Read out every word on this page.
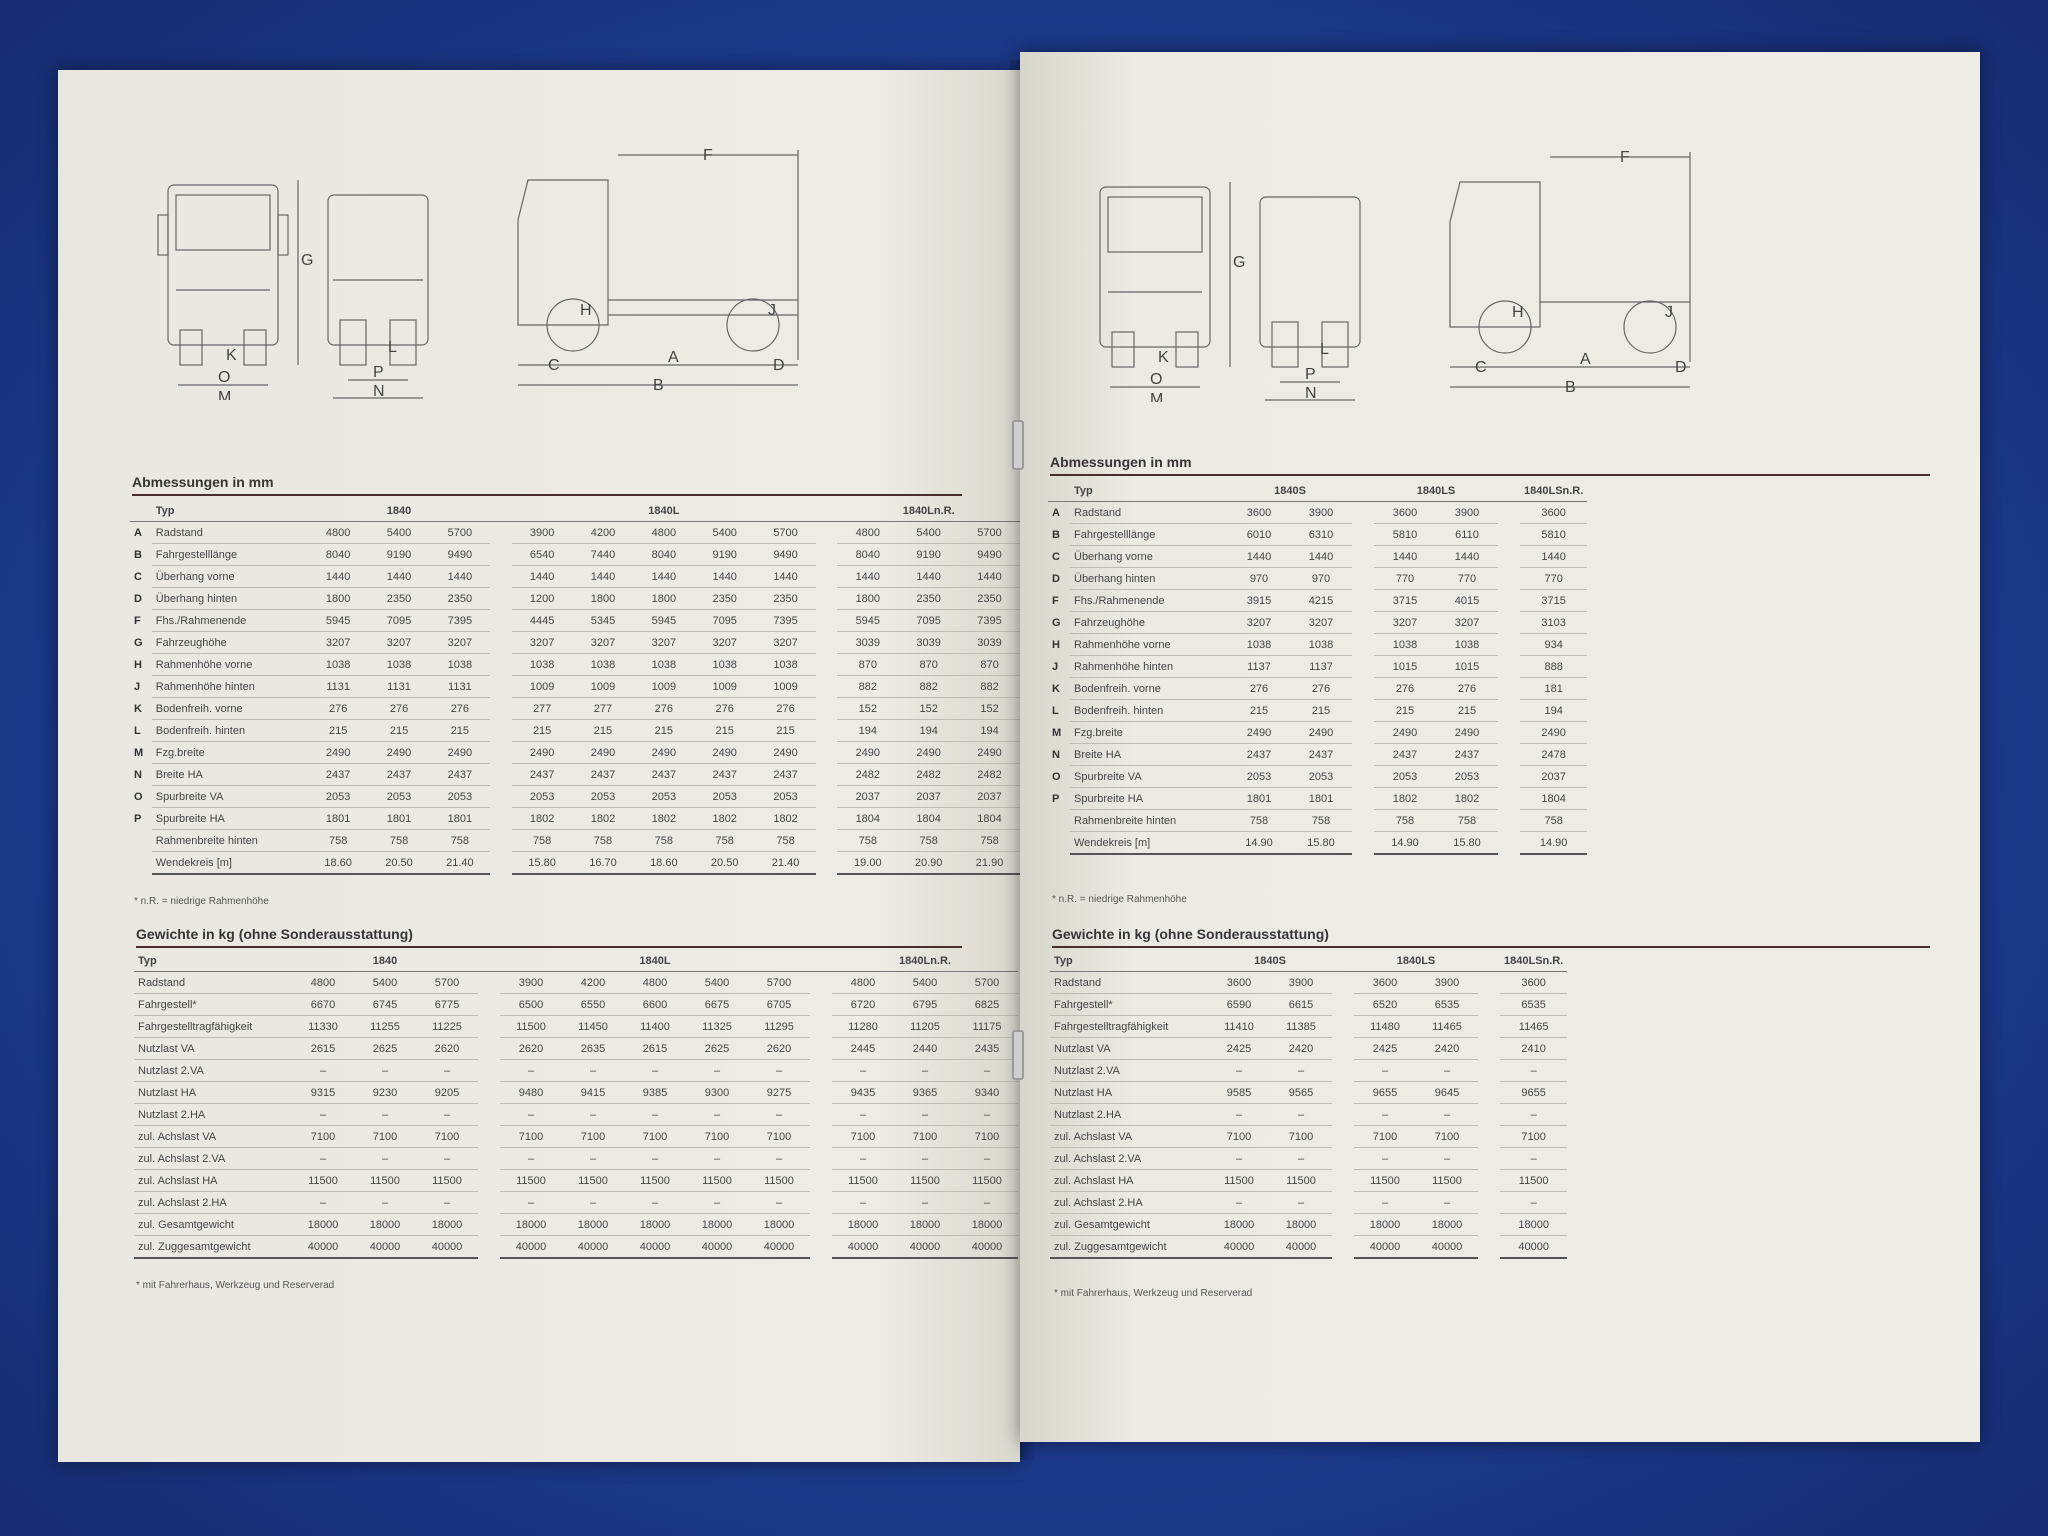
G
K
O
M
L
P
N
F
H	J
C	A	D
B
Abmessungen in mm
	Typ	1840				1840L						1840Ln.R.		
A	Radstand	4800	5400	5700		3900	4200	4800	5400	5700		4800	5400	5700
B	Fahrgestelllänge	8040	9190	9490		6540	7440	8040	9190	9490		8040	9190	9490
C	Überhang vorne	1440	1440	1440		1440	1440	1440	1440	1440		1440	1440	1440
D	Überhang hinten	1800	2350	2350		1200	1800	1800	2350	2350		1800	2350	2350
F	Fhs./Rahmenende	5945	7095	7395		4445	5345	5945	7095	7395		5945	7095	7395
G	Fahrzeughöhe	3207	3207	3207		3207	3207	3207	3207	3207		3039	3039	3039
H	Rahmenhöhe vorne	1038	1038	1038		1038	1038	1038	1038	1038		870	870	870
J	Rahmenhöhe hinten	1131	1131	1131		1009	1009	1009	1009	1009		882	882	882
K	Bodenfreih. vorne	276	276	276		277	277	276	276	276		152	152	152
L	Bodenfreih. hinten	215	215	215		215	215	215	215	215		194	194	194
M	Fzg.breite	2490	2490	2490		2490	2490	2490	2490	2490		2490	2490	2490
N	Breite HA	2437	2437	2437		2437	2437	2437	2437	2437		2482	2482	2482
O	Spurbreite VA	2053	2053	2053		2053	2053	2053	2053	2053		2037	2037	2037
P	Spurbreite HA	1801	1801	1801		1802	1802	1802	1802	1802		1804	1804	1804
	Rahmenbreite hinten	758	758	758		758	758	758	758	758		758	758	758
	Wendekreis [m]	18.60	20.50	21.40		15.80	16.70	18.60	20.50	21.40		19.00	20.90	21.90
* n.R. = niedrige Rahmenhöhe
Gewichte in kg (ohne Sonderausstattung)
Typ	1840				1840L						1840Ln.R.		
Radstand	4800	5400	5700		3900	4200	4800	5400	5700		4800	5400	5700
Fahrgestell*	6670	6745	6775		6500	6550	6600	6675	6705		6720	6795	6825
Fahrgestelltragfähigkeit	11330	11255	11225		11500	11450	11400	11325	11295		11280	11205	11175
Nutzlast VA	2615	2625	2620		2620	2635	2615	2625	2620		2445	2440	2435
Nutzlast 2.VA	–	–	–		–	–	–	–	–		–	–	–
Nutzlast HA	9315	9230	9205		9480	9415	9385	9300	9275		9435	9365	9340
Nutzlast 2.HA	–	–	–		–	–	–	–	–		–	–	–
zul. Achslast VA	7100	7100	7100		7100	7100	7100	7100	7100		7100	7100	7100
zul. Achslast 2.VA	–	–	–		–	–	–	–	–		–	–	–
zul. Achslast HA	11500	11500	11500		11500	11500	11500	11500	11500		11500	11500	11500
zul. Achslast 2.HA	–	–	–		–	–	–	–	–		–	–	–
zul. Gesamtgewicht	18000	18000	18000		18000	18000	18000	18000	18000		18000	18000	18000
zul. Zuggesamtgewicht	40000	40000	40000		40000	40000	40000	40000	40000		40000	40000	40000
* mit Fahrerhaus, Werkzeug und Reserverad
G
K
O
M
L
P
N
F
H	J
C	A	D
B
Abmessungen in mm
	Typ	1840S			1840LS			1840LSn.R.
A	Radstand	3600	3900		3600	3900		3600
B	Fahrgestelllänge	6010	6310		5810	6110		5810
C	Überhang vorne	1440	1440		1440	1440		1440
D	Überhang hinten	970	970		770	770		770
F	Fhs./Rahmenende	3915	4215		3715	4015		3715
G	Fahrzeughöhe	3207	3207		3207	3207		3103
H	Rahmenhöhe vorne	1038	1038		1038	1038		934
J	Rahmenhöhe hinten	1137	1137		1015	1015		888
K	Bodenfreih. vorne	276	276		276	276		181
L	Bodenfreih. hinten	215	215		215	215		194
M	Fzg.breite	2490	2490		2490	2490		2490
N	Breite HA	2437	2437		2437	2437		2478
O	Spurbreite VA	2053	2053		2053	2053		2037
P	Spurbreite HA	1801	1801		1802	1802		1804
	Rahmenbreite hinten	758	758		758	758		758
	Wendekreis [m]	14.90	15.80		14.90	15.80		14.90
* n.R. = niedrige Rahmenhöhe
Gewichte in kg (ohne Sonderausstattung)
Typ	1840S			1840LS			1840LSn.R.
Radstand	3600	3900		3600	3900		3600
Fahrgestell*	6590	6615		6520	6535		6535
Fahrgestelltragfähigkeit	11410	11385		11480	11465		11465
Nutzlast VA	2425	2420		2425	2420		2410
Nutzlast 2.VA	–	–		–	–		–
Nutzlast HA	9585	9565		9655	9645		9655
Nutzlast 2.HA	–	–		–	–		–
zul. Achslast VA	7100	7100		7100	7100		7100
zul. Achslast 2.VA	–	–		–	–		–
zul. Achslast HA	11500	11500		11500	11500		11500
zul. Achslast 2.HA	–	–		–	–		–
zul. Gesamtgewicht	18000	18000		18000	18000		18000
zul. Zuggesamtgewicht	40000	40000		40000	40000		40000
* mit Fahrerhaus, Werkzeug und Reserverad
